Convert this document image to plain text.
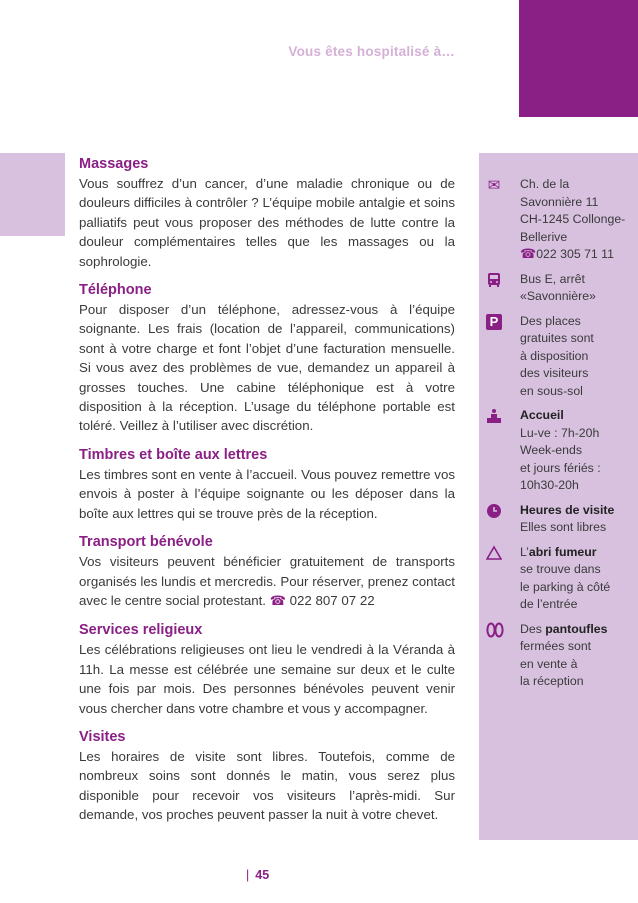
Vous êtes hospitalisé à…

Massages

Vous souffrez d’un cancer, d’une maladie chronique ou de douleurs difficiles à contrôler ? L’équipe mobile antalgie et soins palliatifs peut vous proposer des méthodes de lutte contre la douleur complémentaires telles que les massages ou la sophrologie.

Téléphone

Pour disposer d’un téléphone, adressez-vous à l’équipe soignante. Les frais (location de l’appareil, communications) sont à votre charge et font l’objet d’une facturation mensuelle. Si vous avez des problèmes de vue, demandez un appareil à grosses touches. Une cabine téléphonique est à votre disposition à la réception. L’usage du téléphone portable est toléré. Veillez à l’utiliser avec discrétion.

Timbres et boîte aux lettres

Les timbres sont en vente à l’accueil. Vous pouvez remettre vos envois à poster à l’équipe soignante ou les déposer dans la boîte aux lettres qui se trouve près de la réception.

Transport bénévole

Vos visiteurs peuvent bénéficier gratuitement de transports organisés les lundis et mercredis. Pour réserver, prenez contact avec le centre social protestant. ☎ 022 807 07 22

Services religieux

Les célébrations religieuses ont lieu le vendredi à la Véranda à 11h. La messe est célébrée une semaine sur deux et le culte une fois par mois. Des personnes bénévoles peuvent venir vous chercher dans votre chambre et vous y accompagner.

Visites

Les horaires de visite sont libres. Toutefois, comme de nombreux soins sont donnés le matin, vous serez plus disponible pour recevoir vos visiteurs l’après-midi. Sur demande, vos proches peuvent passer la nuit à votre chevet.

✉ Ch. de la
Savonnière 11
CH-1245 Collonge-
Bellerive
☎022 305 71 11
Bus E, arrêt
«Savonnière»
P Des places
gratuites sont
à disposition
des visiteurs
en sous-sol
Accueil
Lu-ve : 7h-20h
Week-ends
et jours fériés :
10h30-20h
Heures de visite
Elles sont libres
L’abri fumeur
se trouve dans
le parking à côté
de l’entrée
Des pantoufles
fermées sont
en vente à
la réception
| 45
